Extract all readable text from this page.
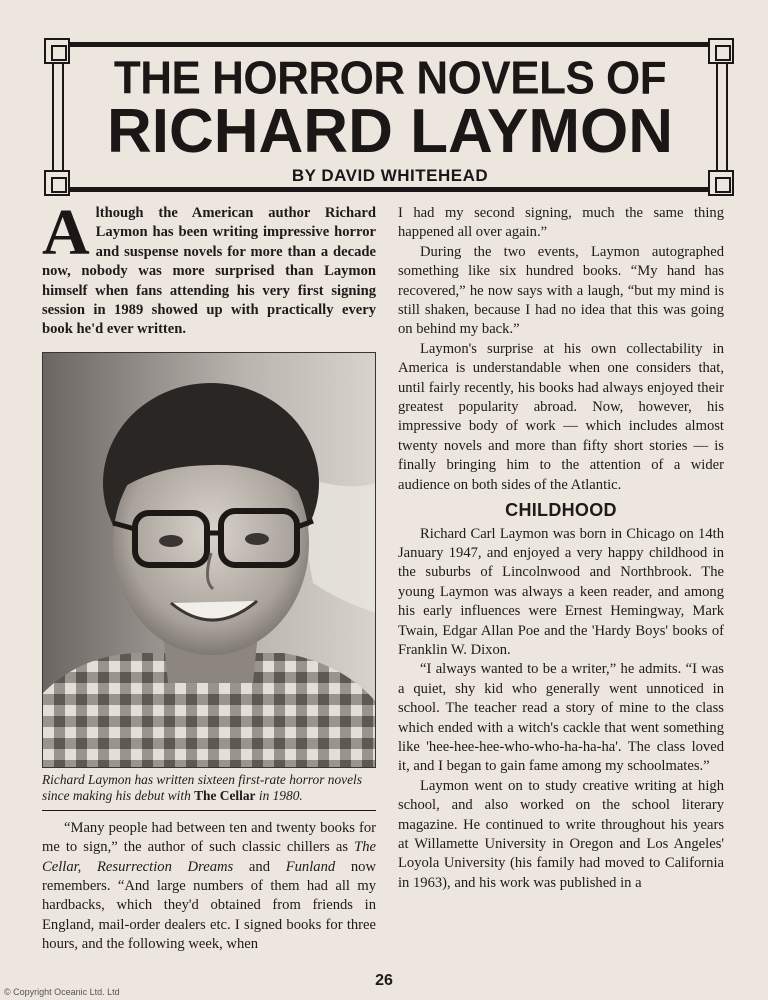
THE HORROR NOVELS OF
RICHARD LAYMON
BY DAVID WHITEHEAD

Although the American author Richard Laymon has been writing impressive horror and suspense novels for more than a decade now, nobody was more surprised than Laymon himself when fans attending his very first signing session in 1989 showed up with practically every book he'd ever written.

Richard Laymon has written sixteen first-rate horror novels since making his debut with The Cellar in 1980.

“Many people had between ten and twenty books for me to sign,” the author of such classic chillers as The Cellar, Resurrection Dreams and Funland now remembers. “And large numbers of them had all my hardbacks, which they'd obtained from friends in England, mail-order dealers etc. I signed books for three hours, and the following week, when

I had my second signing, much the same thing happened all over again.”

During the two events, Laymon autographed something like six hundred books. “My hand has recovered,” he now says with a laugh, “but my mind is still shaken, because I had no idea that this was going on behind my back.”

Laymon's surprise at his own collectability in America is understandable when one considers that, until fairly recently, his books had always enjoyed their greatest popularity abroad. Now, however, his impressive body of work — which includes almost twenty novels and more than fifty short stories — is finally bringing him to the attention of a wider audience on both sides of the Atlantic.

CHILDHOOD

Richard Carl Laymon was born in Chicago on 14th January 1947, and enjoyed a very happy childhood in the suburbs of Lincolnwood and Northbrook. The young Laymon was always a keen reader, and among his early influences were Ernest Hemingway, Mark Twain, Edgar Allan Poe and the 'Hardy Boys' books of Franklin W. Dixon.

“I always wanted to be a writer,” he admits. “I was a quiet, shy kid who generally went unnoticed in school. The teacher read a story of mine to the class which ended with a witch's cackle that went something like 'hee-hee-hee-who-who-ha-ha-ha'. The class loved it, and I began to gain fame among my schoolmates.”

Laymon went on to study creative writing at high school, and also worked on the school literary magazine. He continued to write throughout his years at Willamette University in Oregon and Los Angeles' Loyola University (his family had moved to California in 1963), and his work was published in a

26
© Copyright Oceanic Ltd. Ltd
